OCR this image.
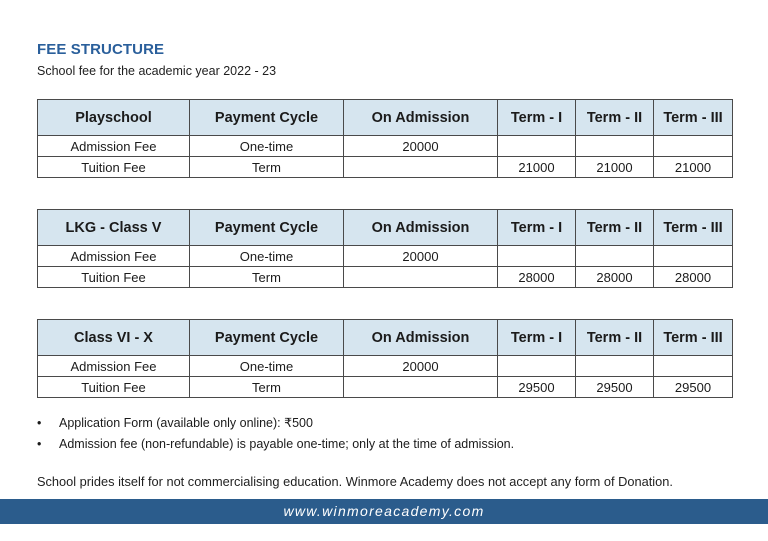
FEE STRUCTURE
School fee for the academic year 2022 - 23
Playschool	Payment Cycle	On Admission	Term - I	Term - II	Term - III
Admission Fee	One-time	20000			
Tuition Fee	Term		21000	21000	21000
LKG - Class V	Payment Cycle	On Admission	Term - I	Term - II	Term - III
Admission Fee	One-time	20000			
Tuition Fee	Term		28000	28000	28000
Class VI - X	Payment Cycle	On Admission	Term - I	Term - II	Term - III
Admission Fee	One-time	20000			
Tuition Fee	Term		29500	29500	29500
• Application Form (available only online): ₹500
• Admission fee (non-refundable) is payable one-time; only at the time of admission.
School prides itself for not commercialising education. Winmore Academy does not accept any form of Donation.
www.winmoreacademy.com
